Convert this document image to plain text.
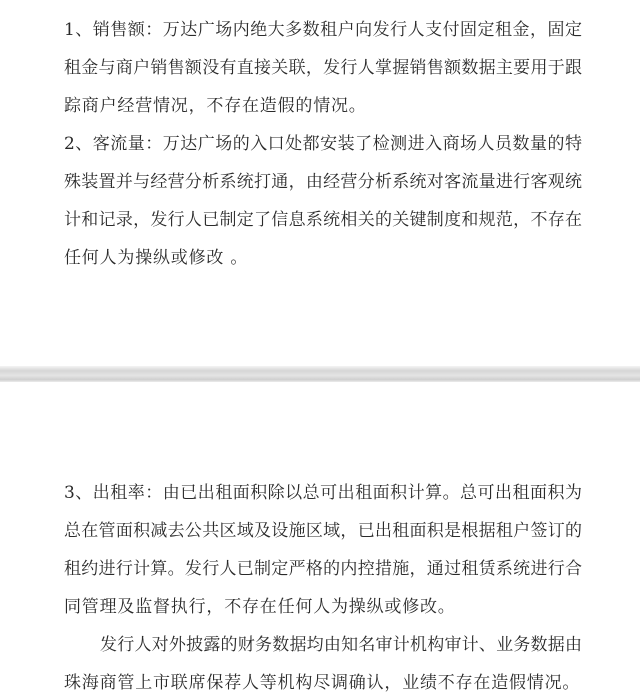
1、销售额：万达广场内绝大多数租户向发行人支付固定租金，固定
租金与商户销售额没有直接关联，发行人掌握销售额数据主要用于跟
踪商户经营情况，不存在造假的情况。
2、客流量：万达广场的入口处都安装了检测进入商场人员数量的特
殊装置并与经营分析系统打通，由经营分析系统对客流量进行客观统
计和记录，发行人已制定了信息系统相关的关键制度和规范，不存在
任何人为操纵或修改 。
3、出租率：由已出租面积除以总可出租面积计算。总可出租面积为
总在管面积减去公共区域及设施区域，已出租面积是根据租户签订的
租约进行计算。发行人已制定严格的内控措施，通过租赁系统进行合
同管理及监督执行，不存在任何人为操纵或修改。
发行人对外披露的财务数据均由知名审计机构审计、业务数据由
珠海商管上市联席保荐人等机构尽调确认，业绩不存在造假情况。
